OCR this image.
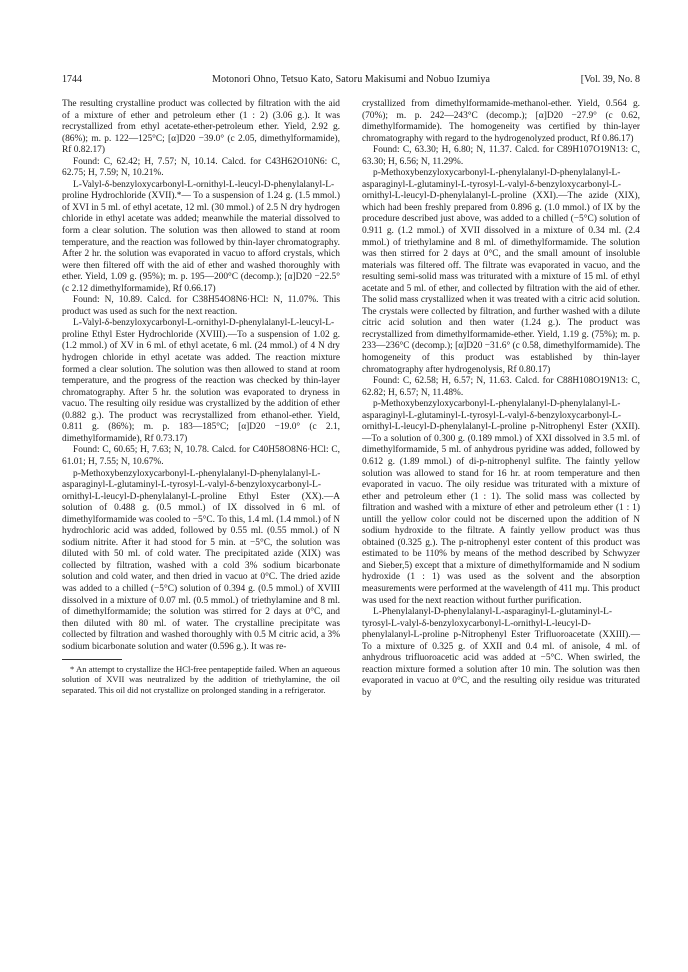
1744	Motonori Ohno, Tetsuo Kato, Satoru Makisumi and Nobuo Izumiya	[Vol. 39, No. 8

The resulting crystalline product was collected by filtration with the aid of a mixture of ether and petroleum ether (1 : 2) (3.06 g.). It was recrystallized from ethyl acetate-ether-petroleum ether. Yield, 2.92 g. (86%); m. p. 122—125°C; [α]D20 −39.0° (c 2.05, dimethylformamide), Rf 0.82.17)

Found: C, 62.42; H, 7.57; N, 10.14. Calcd. for C43H62O10N6: C, 62.75; H, 7.59; N, 10.21%.

L-Valyl-δ-benzyloxycarbonyl-L-ornithyl-L-leucyl-D-phenylalanyl-L-proline Hydrochloride (XVII).*— To a suspension of 1.24 g. (1.5 mmol.) of XVI in 5 ml. of ethyl acetate, 12 ml. (30 mmol.) of 2.5 N dry hydrogen chloride in ethyl acetate was added; meanwhile the material dissolved to form a clear solution. The solution was then allowed to stand at room temperature, and the reaction was followed by thin-layer chromatography. After 2 hr. the solution was evaporated in vacuo to afford crystals, which were then filtered off with the aid of ether and washed thoroughly with ether. Yield, 1.09 g. (95%); m. p. 195—200°C (decomp.); [α]D20 −22.5° (c 2.12 dimethylformamide), Rf 0.66.17)

Found: N, 10.89. Calcd. for C38H54O8N6·HCl: N, 11.07%. This product was used as such for the next reaction.

L-Valyl-δ-benzyloxycarbonyl-L-ornithyl-D-phenylalanyl-L-leucyl-L-proline Ethyl Ester Hydrochloride (XVIII).—To a suspension of 1.02 g. (1.2 mmol.) of XV in 6 ml. of ethyl acetate, 6 ml. (24 mmol.) of 4 N dry hydrogen chloride in ethyl acetate was added. The reaction mixture formed a clear solution. The solution was then allowed to stand at room temperature, and the progress of the reaction was checked by thin-layer chromatography. After 5 hr. the solution was evaporated to dryness in vacuo. The resulting oily residue was crystallized by the addition of ether (0.882 g.). The product was recrystallized from ethanol-ether. Yield, 0.811 g. (86%); m. p. 183—185°C; [α]D20 −19.0° (c 2.1, dimethylformamide), Rf 0.73.17)

Found: C, 60.65; H, 7.63; N, 10.78. Calcd. for C40H58O8N6·HCl: C, 61.01; H, 7.55; N, 10.67%.

p-Methoxybenzyloxycarbonyl-L-phenylalanyl-D-phenylalanyl-L-asparaginyl-L-glutaminyl-L-tyrosyl-L-valyl-δ-benzyloxycarbonyl-L-ornithyl-L-leucyl-D-phenylalanyl-L-proline Ethyl Ester (XX).—A solution of 0.488 g. (0.5 mmol.) of IX dissolved in 6 ml. of dimethylformamide was cooled to −5°C. To this, 1.4 ml. (1.4 mmol.) of N hydrochloric acid was added, followed by 0.55 ml. (0.55 mmol.) of N sodium nitrite. After it had stood for 5 min. at −5°C, the solution was diluted with 50 ml. of cold water. The precipitated azide (XIX) was collected by filtration, washed with a cold 3% sodium bicarbonate solution and cold water, and then dried in vacuo at 0°C. The dried azide was added to a chilled (−5°C) solution of 0.394 g. (0.5 mmol.) of XVIII dissolved in a mixture of 0.07 ml. (0.5 mmol.) of triethylamine and 8 ml. of dimethylformamide; the solution was stirred for 2 days at 0°C, and then diluted with 80 ml. of water. The crystalline precipitate was collected by filtration and washed thoroughly with 0.5 M citric acid, a 3% sodium bicarbonate solution and water (0.596 g.). It was re-

* An attempt to crystallize the HCl-free pentapeptide failed. When an aqueous solution of XVII was neutralized by the addition of triethylamine, the oil separated. This oil did not crystallize on prolonged standing in a refrigerator.

crystallized from dimethylformamide-methanol-ether. Yield, 0.564 g. (70%); m. p. 242—243°C (decomp.); [α]D20 −27.9° (c 0.62, dimethylformamide). The homogeneity was certified by thin-layer chromatography with regard to the hydrogenolyzed product, Rf 0.86.17)

Found: C, 63.30; H, 6.80; N, 11.37. Calcd. for C89H107O19N13: C, 63.30; H, 6.56; N, 11.29%.

p-Methoxybenzyloxycarbonyl-L-phenylalanyl-D-phenylalanyl-L-asparaginyl-L-glutaminyl-L-tyrosyl-L-valyl-δ-benzyloxycarbonyl-L-ornithyl-L-leucyl-D-phenylalanyl-L-proline (XXI).—The azide (XIX), which had been freshly prepared from 0.896 g. (1.0 mmol.) of IX by the procedure described just above, was added to a chilled (−5°C) solution of 0.911 g. (1.2 mmol.) of XVII dissolved in a mixture of 0.34 ml. (2.4 mmol.) of triethylamine and 8 ml. of dimethylformamide. The solution was then stirred for 2 days at 0°C, and the small amount of insoluble materials was filtered off. The filtrate was evaporated in vacuo, and the resulting semi-solid mass was triturated with a mixture of 15 ml. of ethyl acetate and 5 ml. of ether, and collected by filtration with the aid of ether. The solid mass crystallized when it was treated with a citric acid solution. The crystals were collected by filtration, and further washed with a dilute citric acid solution and then water (1.24 g.). The product was recrystallized from dimethylformamide-ether. Yield, 1.19 g. (75%); m. p. 233—236°C (decomp.); [α]D20 −31.6° (c 0.58, dimethylformamide). The homogeneity of this product was established by thin-layer chromatography after hydrogenolysis, Rf 0.80.17)

Found: C, 62.58; H, 6.57; N, 11.63. Calcd. for C88H108O19N13: C, 62.82; H, 6.57; N, 11.48%.

p-Methoxybenzyloxycarbonyl-L-phenylalanyl-D-phenylalanyl-L-asparaginyl-L-glutaminyl-L-tyrosyl-L-valyl-δ-benzyloxycarbonyl-L-ornithyl-L-leucyl-D-phenylalanyl-L-proline p-Nitrophenyl Ester (XXII).—To a solution of 0.300 g. (0.189 mmol.) of XXI dissolved in 3.5 ml. of dimethylformamide, 5 ml. of anhydrous pyridine was added, followed by 0.612 g. (1.89 mmol.) of di-p-nitrophenyl sulfite. The faintly yellow solution was allowed to stand for 16 hr. at room temperature and then evaporated in vacuo. The oily residue was triturated with a mixture of ether and petroleum ether (1 : 1). The solid mass was collected by filtration and washed with a mixture of ether and petroleum ether (1 : 1) untill the yellow color could not be discerned upon the addition of N sodium hydroxide to the filtrate. A faintly yellow product was thus obtained (0.325 g.). The p-nitrophenyl ester content of this product was estimated to be 110% by means of the method described by Schwyzer and Sieber,5) except that a mixture of dimethylformamide and N sodium hydroxide (1 : 1) was used as the solvent and the absorption measurements were performed at the wavelength of 411 mμ. This product was used for the next reaction without further purification.

L-Phenylalanyl-D-phenylalanyl-L-asparaginyl-L-glutaminyl-L-tyrosyl-L-valyl-δ-benzyloxycarbonyl-L-ornithyl-L-leucyl-D-phenylalanyl-L-proline p-Nitrophenyl Ester Trifluoroacetate (XXIII).—To a mixture of 0.325 g. of XXII and 0.4 ml. of anisole, 4 ml. of anhydrous trifluoroacetic acid was added at −5°C. When swirled, the reaction mixture formed a solution after 10 min. The solution was then evaporated in vacuo at 0°C, and the resulting oily residue was triturated by
